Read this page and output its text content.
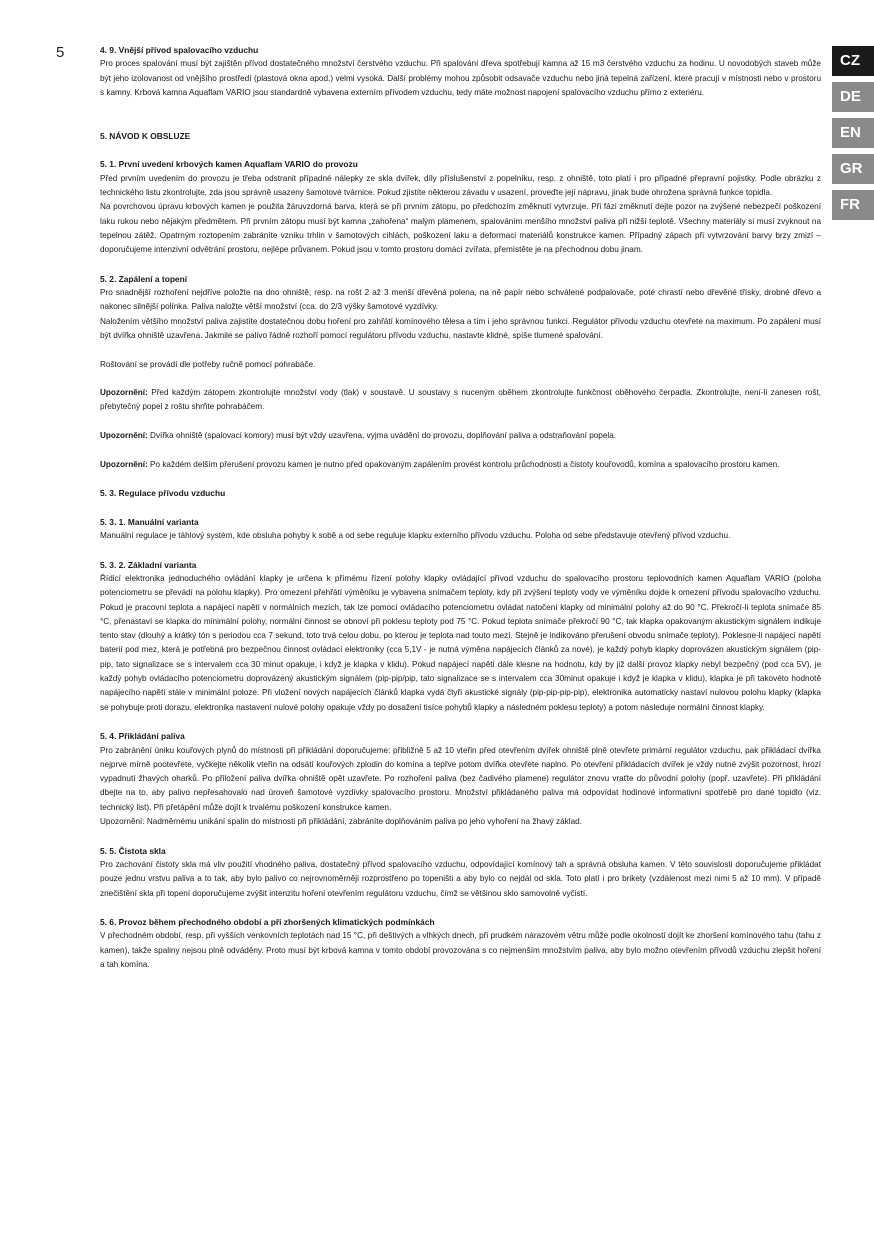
5	CZ
DE
EN
GR
FR
4. 9. Vnější přívod spalovacího vzduchu

Pro proces spalování musí být zajištěn přívod dostatečného množství čerstvého vzduchu. Při spalování dřeva spotřebují kamna až 15 m3 čerstvého vzduchu za hodinu. U novodobých staveb může být jeho izolovanost od vnějšího prostředí (plastová okna apod.) velmi vysoká. Další problémy mohou způsobit odsavače vzduchu nebo jiná tepelná zařízení, které pracují v místnosti nebo v prostoru s kamny. Krbová kamna Aquaflam VARIO jsou standardně vybavena externím přívodem vzduchu, tedy máte možnost napojení spalovacího vzduchu přímo z exteriéru.

5. NÁVOD K OBSLUZE
5. 1. První uvedení krbových kamen Aquaflam VARIO do provozu

Před prvním uvedením do provozu je třeba odstranit případné nálepky ze skla dvířek, díly příslušenství z popelníku, resp. z ohniště, toto platí i pro případné přepravní pojistky. Podle obrázku z technického listu zkontrolujte, zda jsou správně usazeny šamotové tvárnice. Pokud zjistíte některou závadu v usazení, proveďte její nápravu, jinak bude ohrožena správná funkce topidla.

Na povrchovou úpravu krbových kamen je použita žáruvzdorná barva, která se při prvním zátopu, po předchozím změknutí vytvrzuje. Při fázi změknutí dejte pozor na zvýšené nebezpečí poškození laku rukou nebo nějakým předmětem. Při prvním zátopu musí být kamna „zahořena“ malým plamenem, spalováním menšího množství paliva při nižší teplotě. Všechny materiály si musí zvyknout na tepelnou zátěž. Opatrným roztopením zabráníte vzniku trhlin v šamotových cihlách, poškození laku a deformaci materiálů konstrukce kamen. Případný zápach při vytvrzování barvy brzy zmizí – doporučujeme intenzivní odvětrání prostoru, nejlépe průvanem. Pokud jsou v tomto prostoru domácí zvířata, přemístěte je na přechodnou dobu jinam.

5. 2. Zapálení a topení

Pro snadnější rozhoření nejdříve položte na dno ohniště, resp. na rošt 2 až 3 menší dřevěná polena, na ně papír nebo schválené podpalovače, poté chrastí nebo dřevěné třísky, drobné dřevo a nakonec silnější polínka. Paliva naložte větší množství (cca. do 2/3 výšky šamotové vyzdívky.

Naložením většího množství paliva zajistíte dostatečnou dobu hoření pro zahřátí komínového tělesa a tím i jeho správnou funkci. Regulátor přívodu vzduchu otevřete na maximum. Po zapálení musí být dvířka ohniště uzavřena. Jakmile se palivo řádně rozhoří pomocí regulátoru přívodu vzduchu, nastavte klidné, spíše tlumené spalování.

Roštování se provádí dle potřeby ručně pomocí pohrabáče.

Upozornění: Před každým zátopem zkontrolujte množství vody (tlak) v soustavě. U soustavy s nuceným oběhem zkontrolujte funkčnost oběhového čerpadla. Zkontrolujte, není-li zanesen rošt, přebytečný popel z roštu shrňte pohrabáčem.

Upozornění: Dvířka ohniště (spalovací komory) musí být vždy uzavřena, vyjma uvádění do provozu, doplňování paliva a odstraňování popela.

Upozornění: Po každém delším přerušení provozu kamen je nutno před opakovaným zapálením provést kontrolu průchodnosti a čistoty kouřovodů, komína a spalovacího prostoru kamen.

5. 3. Regulace přívodu vzduchu
5. 3. 1. Manuální varianta

Manuální regulace je táhlový systém, kde obsluha pohyby k sobě a od sebe reguluje klapku externího přívodu vzduchu. Poloha od sebe představuje otevřený přívod vzduchu.

5. 3. 2. Základní varianta

Řídicí elektronika jednoduchého ovládání klapky je určena k přímému řízení polohy klapky ovládající přívod vzduchu do spalovacího prostoru teplovodních kamen Aquaflam VARIO (poloha potenciometru se převádí na polohu klapky). Pro omezení přehřátí výměníku je vybavena snímačem teploty, kdy při zvýšení teploty vody ve výměníku dojde k omezení přívodu spalovacího vzduchu. Pokud je pracovní teplota a napájecí napětí v normálních mezích, tak lze pomocí ovládacího potenciometru ovládat natočení klapky od minimální polohy až do 90 °C. Překročí-li teplota snímače 85 °C, přenastaví se klapka do minimální polohy, normální činnost se obnoví při poklesu teploty pod 75 °C. Pokud teplota snímače překročí 90 °C, tak klapka opakovaným akustickým signálem indikuje tento stav (dlouhý a krátký tón s periodou cca 7 sekund, toto trvá celou dobu, po kterou je teplota nad touto mezí. Stejně je indikováno přerušení obvodu snímače teploty). Poklesne-li napájecí napětí baterií pod mez, která je potřebná pro bezpečnou činnost ovládací elektroniky (cca 5,1V - je nutná výměna napájecích článků za nové), je každý pohyb klapky doprovázen akustickým signálem (pip-pip, tato signalizace se s intervalem cca 30 minut opakuje, i když je klapka v klidu). Pokud napájecí napětí dále klesne na hodnotu, kdy by již další provoz klapky nebyl bezpečný (pod cca 5V), je každý pohyb ovládacího potenciometru doprovázený akustickým signálem (pip-pip/pip, tato signalizace se s intervalem cca 30minut opakuje i když je klapka v klidu), klapka je při takovéto hodnotě napájecího napětí stále v minimální poloze. Při vložení nových napájecích článků klapka vydá čtyři akustické signály (pip-pip-pip-pip), elektronika automaticky nastaví nulovou polohu klapky (klapka se pohybuje proti dorazu, elektronika nastavení nulové polohy opakuje vždy po dosažení tisíce pohybů klapky a následném poklesu teploty) a potom následuje normální činnost klapky.

5. 4. Přikládání paliva

Pro zabránění úniku kouřových plynů do místnosti při přikládání doporučujeme: přibližně 5 až 10 vteřin před otevřením dvířek ohniště plně otevřete primární regulátor vzduchu, pak přikládací dvířka nejprve mírně pootevřete, vyčkejte několik vteřin na odsátí kouřových zplodin do komína a tepřve potom dvířka otevřete naplno. Po otevření přikládacích dvířek je vždy nutné zvýšit pozornost, hrozí vypadnutí žhavých oharků. Po přiložení paliva dvířka ohniště opět uzavřete. Po rozhoření paliva (bez čadivého plamene) regulátor znovu vraťte do původní polohy (popř. uzavřete). Při přikládání dbejte na to, aby palivo nepřesahovalo nad úroveň šamotové vyzdívky spalovacího prostoru. Množství přikládaného paliva má odpovídat hodinové informativní spotřebě pro dané topidlo (viz. technický list). Při přetápění může dojít k trvalému poškození konstrukce kamen.

Upozornění: Nadměrnému unikání spalin do místnosti při přikládání, zabráníte doplňováním paliva po jeho vyhoření na žhavý základ.

5. 5. Čistota skla

Pro zachování čistoty skla má vliv použití vhodného paliva, dostatečný přívod spalovacího vzduchu, odpovídající komínový tah a správná obsluha kamen. V této souvislosti doporučujeme přikládat pouze jednu vrstvu paliva a to tak, aby bylo palivo co nejrovnoměrněji rozprostřeno po topeništi a aby bylo co nejdál od skla. Toto platí i pro brikety (vzdálenost mezi nimi 5 až 10 mm). V případě znečištění skla při topení doporučujeme zvýšit intenzitu hoření otevřením regulátoru vzduchu, čímž se většinou sklo samovolně vyčistí.

5. 6. Provoz během přechodného období a při zhoršených klimatických podmínkách

V přechodném období, resp. při vyšších venkovních teplotách nad 15 °C, při deštivých a vlhkých dnech, při prudkém nárazovém větru může podle okolností dojít ke zhoršení komínového tahu (tahu z kamen), takže spaliny nejsou plně odváděny. Proto musí být krbová kamna v tomto období provozována s co nejmenším množstvím paliva, aby bylo možno otevřením přívodů vzduchu zlepšit hoření a tah komína.
